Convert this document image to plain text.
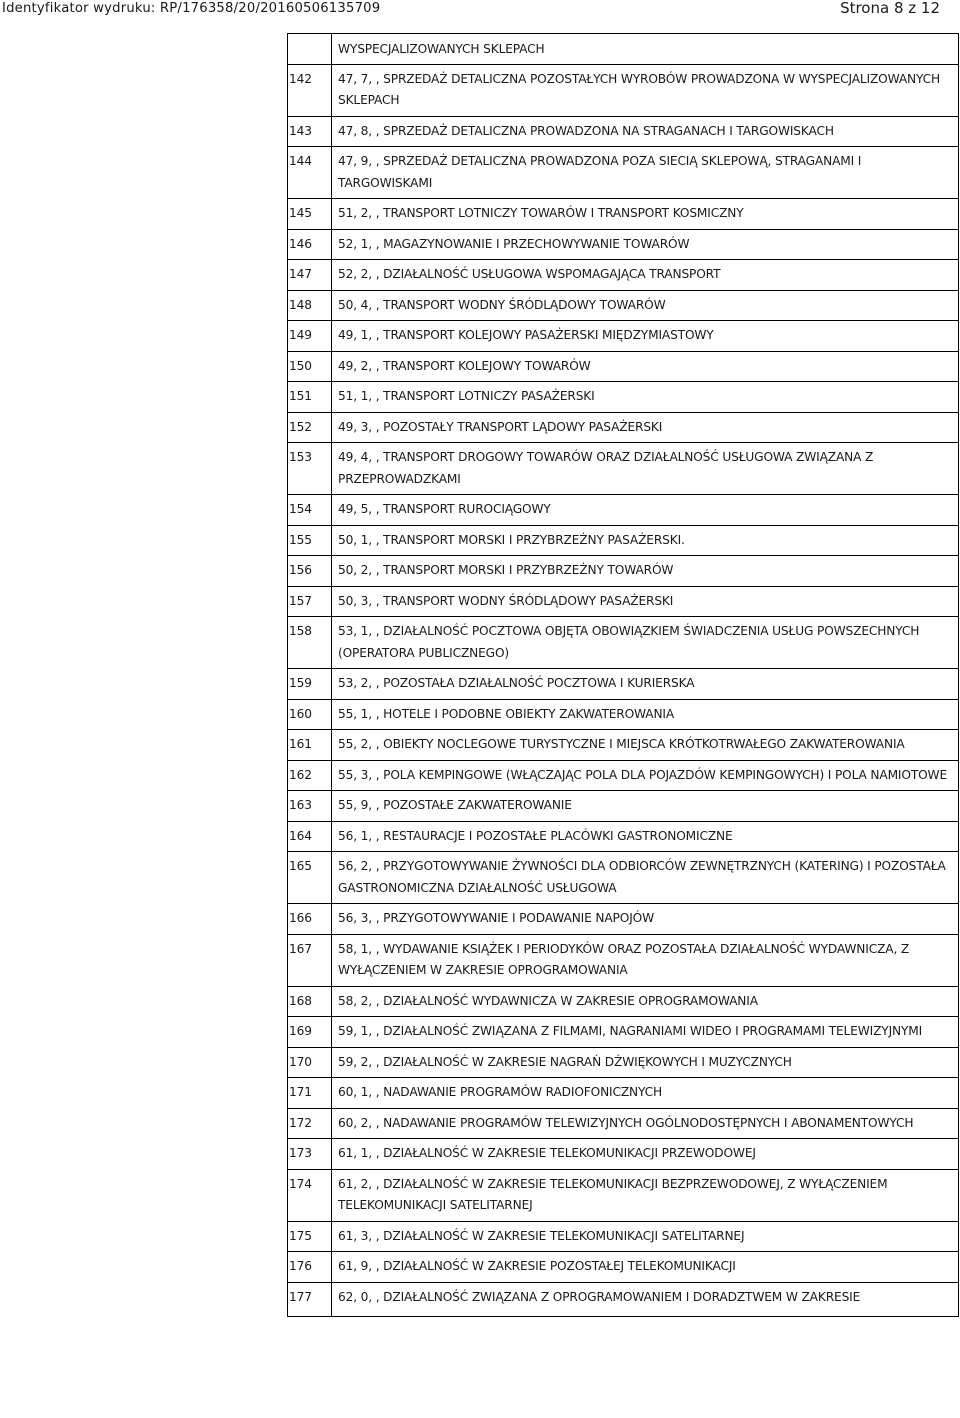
Identyfikator wydruku: RP/176358/20/20160506135709	Strona 8 z 12
	WYSPECJALIZOWANYCH SKLEPACH
142	47, 7, , SPRZEDAŻ DETALICZNA POZOSTAŁYCH WYROBÓW PROWADZONA W WYSPECJALIZOWANYCH SKLEPACH
143	47, 8, , SPRZEDAŻ DETALICZNA PROWADZONA NA STRAGANACH I TARGOWISKACH
144	47, 9, , SPRZEDAŻ DETALICZNA PROWADZONA POZA SIECIĄ SKLEPOWĄ, STRAGANAMI I TARGOWISKAMI
145	51, 2, , TRANSPORT LOTNICZY TOWARÓW I TRANSPORT KOSMICZNY
146	52, 1, , MAGAZYNOWANIE I PRZECHOWYWANIE TOWARÓW
147	52, 2, , DZIAŁALNOŚĆ USŁUGOWA WSPOMAGAJĄCA TRANSPORT
148	50, 4, , TRANSPORT WODNY ŚRÓDLĄDOWY TOWARÓW
149	49, 1, , TRANSPORT KOLEJOWY PASAŻERSKI MIĘDZYMIASTOWY
150	49, 2, , TRANSPORT KOLEJOWY TOWARÓW
151	51, 1, , TRANSPORT LOTNICZY PASAŻERSKI
152	49, 3, , POZOSTAŁY TRANSPORT LĄDOWY PASAŻERSKI
153	49, 4, , TRANSPORT DROGOWY TOWARÓW ORAZ DZIAŁALNOŚĆ USŁUGOWA ZWIĄZANA Z PRZEPROWADZKAMI
154	49, 5, , TRANSPORT RUROCIĄGOWY
155	50, 1, , TRANSPORT MORSKI I PRZYBRZEŻNY PASAŻERSKI.
156	50, 2, , TRANSPORT MORSKI I PRZYBRZEŻNY TOWARÓW
157	50, 3, , TRANSPORT WODNY ŚRÓDLĄDOWY PASAŻERSKI
158	53, 1, , DZIAŁALNOŚĆ POCZTOWA OBJĘTA OBOWIĄZKIEM ŚWIADCZENIA USŁUG POWSZECHNYCH (OPERATORA PUBLICZNEGO)
159	53, 2, , POZOSTAŁA DZIAŁALNOŚĆ POCZTOWA I KURIERSKA
160	55, 1, , HOTELE I PODOBNE OBIEKTY ZAKWATEROWANIA
161	55, 2, , OBIEKTY NOCLEGOWE TURYSTYCZNE I MIEJSCA KRÓTKOTRWAŁEGO ZAKWATEROWANIA
162	55, 3, , POLA KEMPINGOWE (WŁĄCZAJĄC POLA DLA POJAZDÓW KEMPINGOWYCH) I POLA NAMIOTOWE
163	55, 9, , POZOSTAŁE ZAKWATEROWANIE
164	56, 1, , RESTAURACJE I POZOSTAŁE PLACÓWKI GASTRONOMICZNE
165	56, 2, , PRZYGOTOWYWANIE ŻYWNOŚCI DLA ODBIORCÓW ZEWNĘTRZNYCH (KATERING) I POZOSTAŁA GASTRONOMICZNA DZIAŁALNOŚĆ USŁUGOWA
166	56, 3, , PRZYGOTOWYWANIE I PODAWANIE NAPOJÓW
167	58, 1, , WYDAWANIE KSIĄŻEK I PERIODYKÓW ORAZ POZOSTAŁA DZIAŁALNOŚĆ WYDAWNICZA, Z WYŁĄCZENIEM W ZAKRESIE OPROGRAMOWANIA
168	58, 2, , DZIAŁALNOŚĆ WYDAWNICZA W ZAKRESIE OPROGRAMOWANIA
169	59, 1, , DZIAŁALNOŚĆ ZWIĄZANA Z FILMAMI, NAGRANIAMI WIDEO I PROGRAMAMI TELEWIZYJNYMI
170	59, 2, , DZIAŁALNOŚĆ W ZAKRESIE NAGRAŃ DŹWIĘKOWYCH I MUZYCZNYCH
171	60, 1, , NADAWANIE PROGRAMÓW RADIOFONICZNYCH
172	60, 2, , NADAWANIE PROGRAMÓW TELEWIZYJNYCH OGÓLNODOSTĘPNYCH I ABONAMENTOWYCH
173	61, 1, , DZIAŁALNOŚĆ W ZAKRESIE TELEKOMUNIKACJI PRZEWODOWEJ
174	61, 2, , DZIAŁALNOŚĆ W ZAKRESIE TELEKOMUNIKACJI BEZPRZEWODOWEJ, Z WYŁĄCZENIEM TELEKOMUNIKACJI SATELITARNEJ
175	61, 3, , DZIAŁALNOŚĆ W ZAKRESIE TELEKOMUNIKACJI SATELITARNEJ
176	61, 9, , DZIAŁALNOŚĆ W ZAKRESIE POZOSTAŁEJ TELEKOMUNIKACJI
177	62, 0, , DZIAŁALNOŚĆ ZWIĄZANA Z OPROGRAMOWANIEM I DORADZTWEM W ZAKRESIE
